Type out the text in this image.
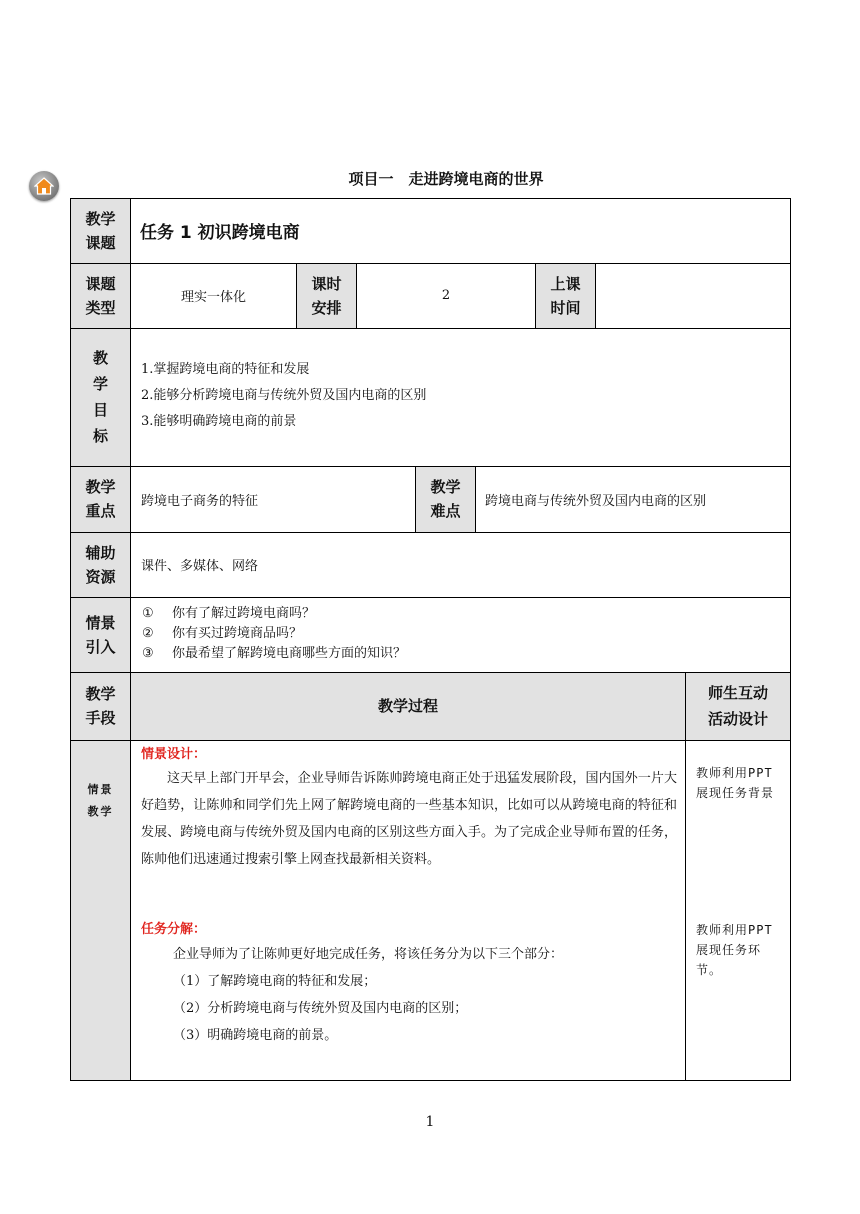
项目一　走进跨境电商的世界
教学
课题	任务 1 初识跨境电商
课题
类型
理实一体化
课时
安排
2
上课
时间
教
学
目
标
教学
重点
跨境电子商务的特征
教学
难点
跨境电商与传统外贸及国内电商的区别
辅助
资源
课件、多媒体、网络
情景
引入
教学
手段
教学过程
师生互动
活动设计
1.掌握跨境电商的特征和发展
2.能够分析跨境电商与传统外贸及国内电商的区别
3.能够明确跨境电商的前景
① 你有了解过跨境电商吗？
② 你有买过跨境商品吗？
③ 你最希望了解跨境电商哪些方面的知识？
情景
教学
情景设计：
这天早上部门开早会，企业导师告诉陈帅跨境电商正处于迅猛发展阶段，国内国外一片大好趋势，让陈帅和同学们先上网了解跨境电商的一些基本知识，比如可以从跨境电商的特征和发展、跨境电商与传统外贸及国内电商的区别这些方面入手。为了完成企业导师布置的任务，陈帅他们迅速通过搜索引擎上网查找最新相关资料。
任务分解：
企业导师为了让陈帅更好地完成任务，将该任务分为以下三个部分：
（1）了解跨境电商的特征和发展；
（2）分析跨境电商与传统外贸及国内电商的区别；
（3）明确跨境电商的前景。
教师利用PPT展现任务背景
教师利用PPT展现任务环节。
1
